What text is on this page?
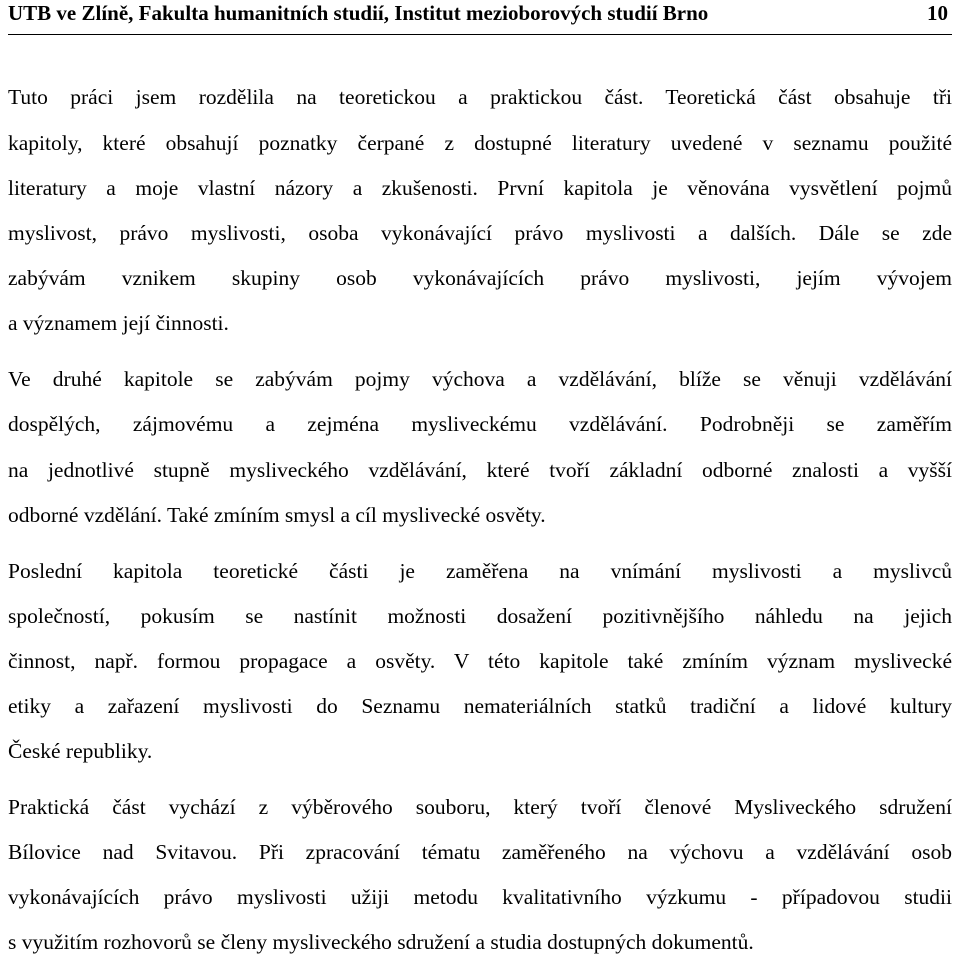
UTB ve Zlíně, Fakulta humanitních studií, Institut mezioborových studií Brno	10
Tuto práci jsem rozdělila na teoretickou a praktickou část. Teoretická část obsahuje tři
kapitoly, které obsahují poznatky čerpané z dostupné literatury uvedené v seznamu použité
literatury a moje vlastní názory a zkušenosti. První kapitola je věnována vysvětlení pojmů
myslivost, právo myslivosti, osoba vykonávající právo myslivosti a dalších. Dále se zde
zabývám vznikem skupiny osob vykonávajících právo myslivosti, jejím vývojem
a významem její činnosti.
Ve druhé kapitole se zabývám pojmy výchova a vzdělávání, blíže se věnuji vzdělávání
dospělých, zájmovému a zejména mysliveckému vzdělávání. Podrobněji se zaměřím
na jednotlivé stupně mysliveckého vzdělávání, které tvoří základní odborné znalosti a vyšší
odborné vzdělání. Také zmíním smysl a cíl myslivecké osvěty.
Poslední kapitola teoretické části je zaměřena na vnímání myslivosti a myslivců
společností, pokusím se nastínit možnosti dosažení pozitivnějšího náhledu na jejich
činnost, např. formou propagace a osvěty. V této kapitole také zmíním význam myslivecké
etiky a zařazení myslivosti do Seznamu nemateriálních statků tradiční a lidové kultury
České republiky.
Praktická část vychází z výběrového souboru, který tvoří členové Mysliveckého sdružení
Bílovice nad Svitavou. Při zpracování tématu zaměřeného na výchovu a vzdělávání osob
vykonávajících právo myslivosti užiji metodu kvalitativního výzkumu - případovou studii
s využitím rozhovorů se členy mysliveckého sdružení a studia dostupných dokumentů.
